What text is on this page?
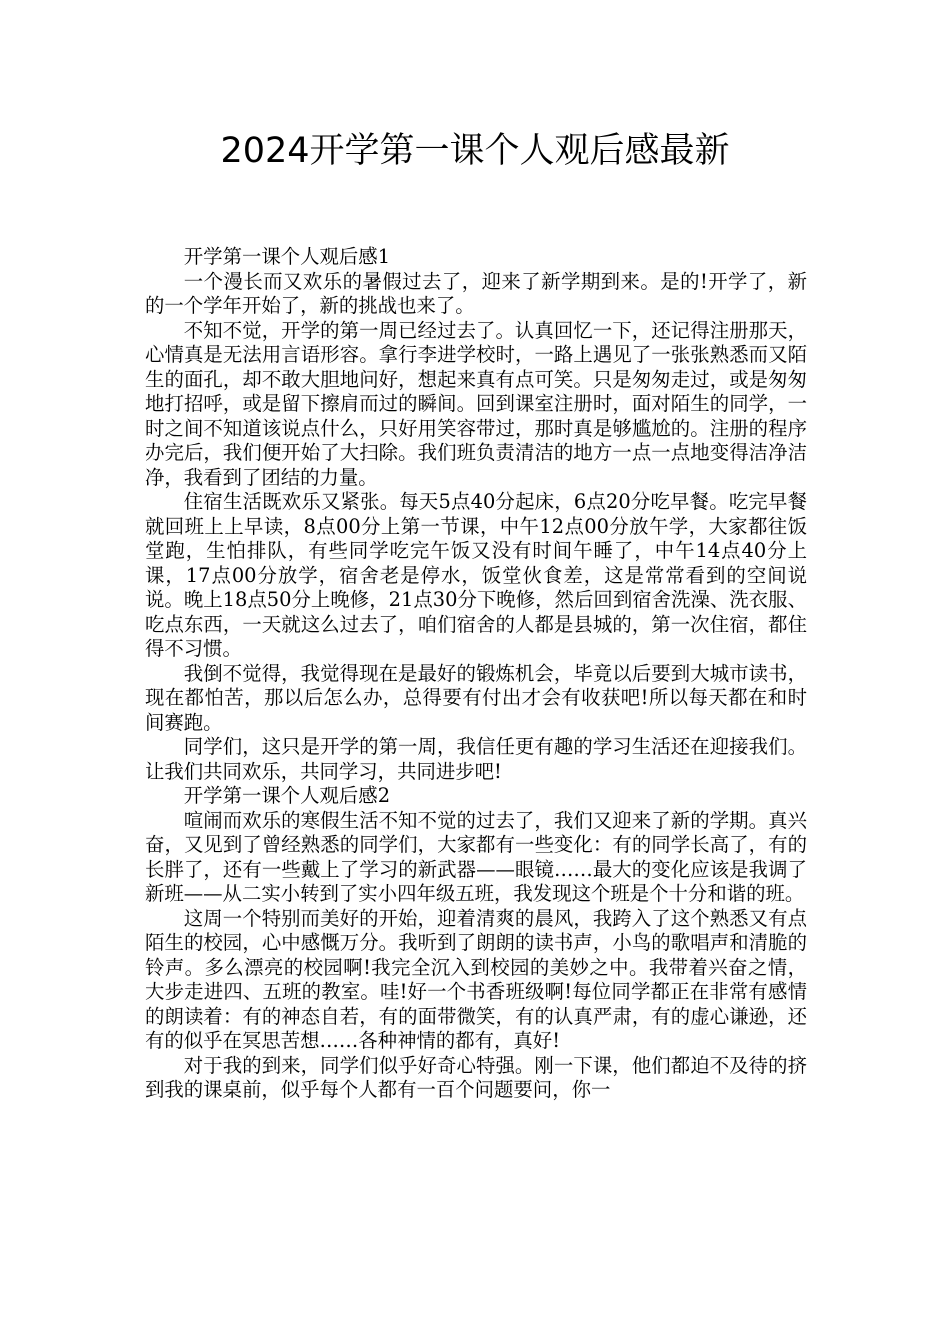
2024开学第一课个人观后感最新

开学第一课个人观后感1

一个漫长而又欢乐的暑假过去了，迎来了新学期到来。是的!开学了，新的一个学年开始了，新的挑战也来了。

不知不觉，开学的第一周已经过去了。认真回忆一下，还记得注册那天，心情真是无法用言语形容。拿行李进学校时，一路上遇见了一张张熟悉而又陌生的面孔，却不敢大胆地问好，想起来真有点可笑。只是匆匆走过，或是匆匆地打招呼，或是留下擦肩而过的瞬间。回到课室注册时，面对陌生的同学，一时之间不知道该说点什么，只好用笑容带过，那时真是够尴尬的。注册的程序办完后，我们便开始了大扫除。我们班负责清洁的地方一点一点地变得洁净洁净，我看到了团结的力量。

住宿生活既欢乐又紧张。每天5点40分起床，6点20分吃早餐。吃完早餐就回班上上早读，8点00分上第一节课，中午12点00分放午学，大家都往饭堂跑，生怕排队，有些同学吃完午饭又没有时间午睡了，中午14点40分上课，17点00分放学，宿舍老是停水，饭堂伙食差，这是常常看到的空间说说。晚上18点50分上晚修，21点30分下晚修，然后回到宿舍洗澡、洗衣服、吃点东西，一天就这么过去了，咱们宿舍的人都是县城的，第一次住宿，都住得不习惯。

我倒不觉得，我觉得现在是最好的锻炼机会，毕竟以后要到大城市读书，现在都怕苦，那以后怎么办，总得要有付出才会有收获吧!所以每天都在和时间赛跑。

同学们，这只是开学的第一周，我信任更有趣的学习生活还在迎接我们。让我们共同欢乐，共同学习，共同进步吧!

开学第一课个人观后感2

喧闹而欢乐的寒假生活不知不觉的过去了，我们又迎来了新的学期。真兴奋，又见到了曾经熟悉的同学们，大家都有一些变化：有的同学长高了，有的长胖了，还有一些戴上了学习的新武器——眼镜……最大的变化应该是我调了新班——从二实小转到了实小四年级五班，我发现这个班是个十分和谐的班。

这周一个特别而美好的开始，迎着清爽的晨风，我跨入了这个熟悉又有点陌生的校园，心中感慨万分。我听到了朗朗的读书声，小鸟的歌唱声和清脆的铃声。多么漂亮的校园啊!我完全沉入到校园的美妙之中。我带着兴奋之情，大步走进四、五班的教室。哇!好一个书香班级啊!每位同学都正在非常有感情的朗读着：有的神态自若，有的面带微笑，有的认真严肃，有的虚心谦逊，还有的似乎在冥思苦想……各种神情的都有，真好!

对于我的到来，同学们似乎好奇心特强。刚一下课，他们都迫不及待的挤到我的课桌前，似乎每个人都有一百个问题要问，你一
